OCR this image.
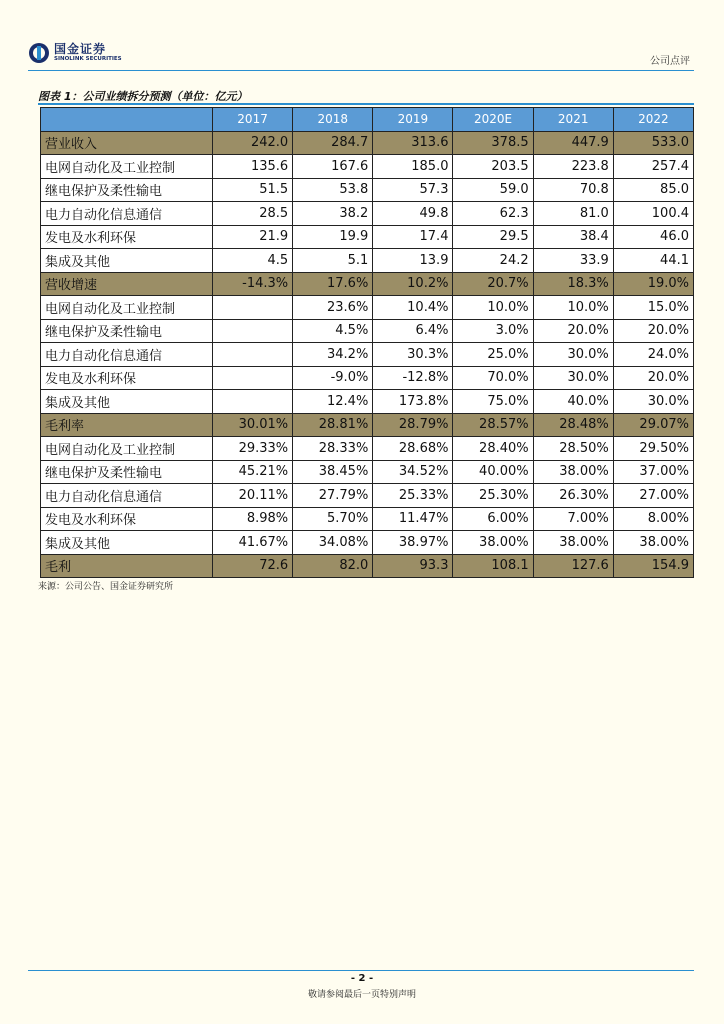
国金证券
SINOLINK SECURITIES	公司点评
图表 1：公司业绩拆分预测（单位：亿元）
	2017	2018	2019	2020E	2021	2022
营业收入	242.0	284.7	313.6	378.5	447.9	533.0
电网自动化及工业控制	135.6	167.6	185.0	203.5	223.8	257.4
继电保护及柔性输电	51.5	53.8	57.3	59.0	70.8	85.0
电力自动化信息通信	28.5	38.2	49.8	62.3	81.0	100.4
发电及水利环保	21.9	19.9	17.4	29.5	38.4	46.0
集成及其他	4.5	5.1	13.9	24.2	33.9	44.1
营收增速	-14.3%	17.6%	10.2%	20.7%	18.3%	19.0%
电网自动化及工业控制		23.6%	10.4%	10.0%	10.0%	15.0%
继电保护及柔性输电		4.5%	6.4%	3.0%	20.0%	20.0%
电力自动化信息通信		34.2%	30.3%	25.0%	30.0%	24.0%
发电及水利环保		-9.0%	-12.8%	70.0%	30.0%	20.0%
集成及其他		12.4%	173.8%	75.0%	40.0%	30.0%
毛利率	30.01%	28.81%	28.79%	28.57%	28.48%	29.07%
电网自动化及工业控制	29.33%	28.33%	28.68%	28.40%	28.50%	29.50%
继电保护及柔性输电	45.21%	38.45%	34.52%	40.00%	38.00%	37.00%
电力自动化信息通信	20.11%	27.79%	25.33%	25.30%	26.30%	27.00%
发电及水利环保	8.98%	5.70%	11.47%	6.00%	7.00%	8.00%
集成及其他	41.67%	34.08%	38.97%	38.00%	38.00%	38.00%
毛利	72.6	82.0	93.3	108.1	127.6	154.9
来源：公司公告、国金证券研究所
- 2 -
敬请参阅最后一页特别声明
